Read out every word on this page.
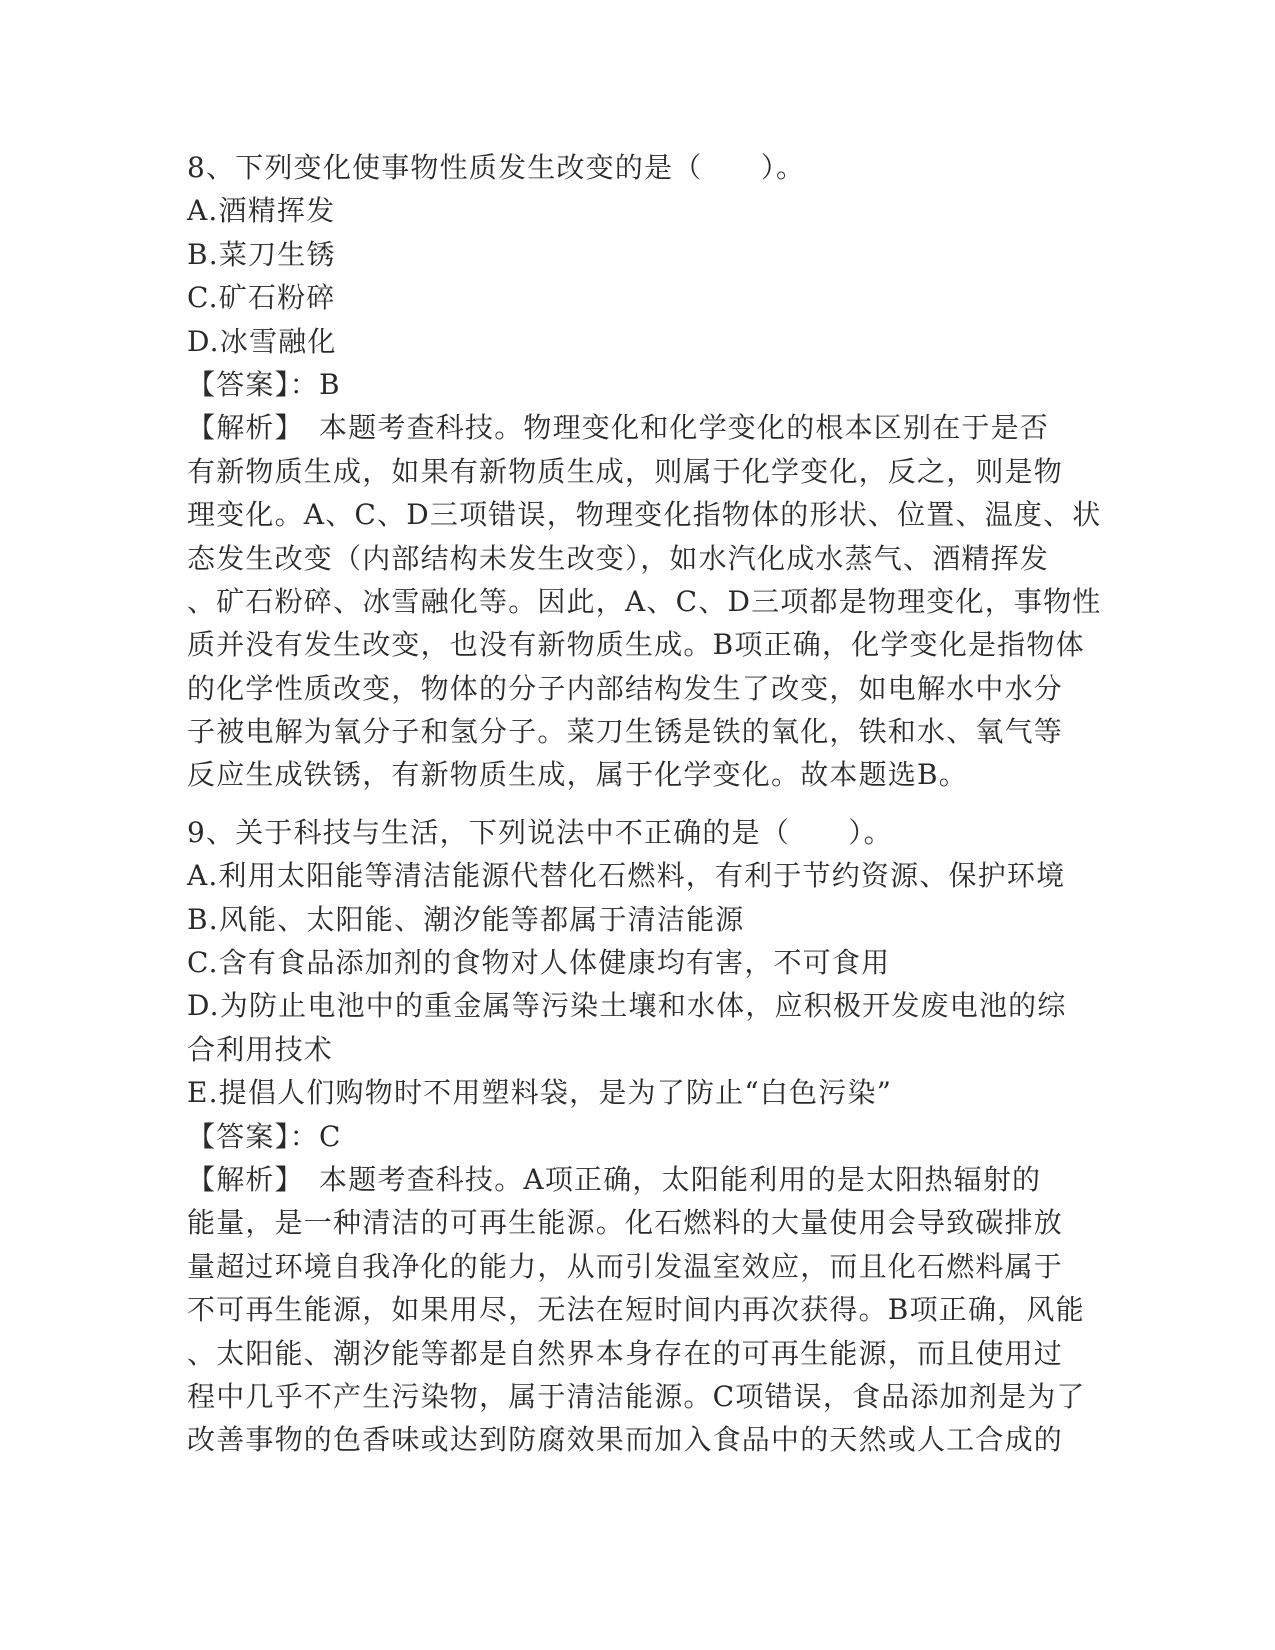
8、下列变化使事物性质发生改变的是（　　）。

A.酒精挥发

B.菜刀生锈

C.矿石粉碎

D.冰雪融化

【答案】：B

【解析】　本题考查科技。物理变化和化学变化的根本区别在于是否

有新物质生成，如果有新物质生成，则属于化学变化，反之，则是物

理变化。A、C、D三项错误，物理变化指物体的形状、位置、温度、状

态发生改变（内部结构未发生改变），如水汽化成水蒸气、酒精挥发

、矿石粉碎、冰雪融化等。因此，A、C、D三项都是物理变化，事物性

质并没有发生改变，也没有新物质生成。B项正确，化学变化是指物体

的化学性质改变，物体的分子内部结构发生了改变，如电解水中水分

子被电解为氧分子和氢分子。菜刀生锈是铁的氧化，铁和水、氧气等

反应生成铁锈，有新物质生成，属于化学变化。故本题选B。

9、关于科技与生活，下列说法中不正确的是（　　）。

A.利用太阳能等清洁能源代替化石燃料，有利于节约资源、保护环境

B.风能、太阳能、潮汐能等都属于清洁能源

C.含有食品添加剂的食物对人体健康均有害，不可食用

D.为防止电池中的重金属等污染土壤和水体，应积极开发废电池的综

合利用技术

E.提倡人们购物时不用塑料袋，是为了防止“白色污染”

【答案】：C

【解析】　本题考查科技。A项正确，太阳能利用的是太阳热辐射的

能量，是一种清洁的可再生能源。化石燃料的大量使用会导致碳排放

量超过环境自我净化的能力，从而引发温室效应，而且化石燃料属于

不可再生能源，如果用尽，无法在短时间内再次获得。B项正确，风能

、太阳能、潮汐能等都是自然界本身存在的可再生能源，而且使用过

程中几乎不产生污染物，属于清洁能源。C项错误，食品添加剂是为了

改善事物的色香味或达到防腐效果而加入食品中的天然或人工合成的
